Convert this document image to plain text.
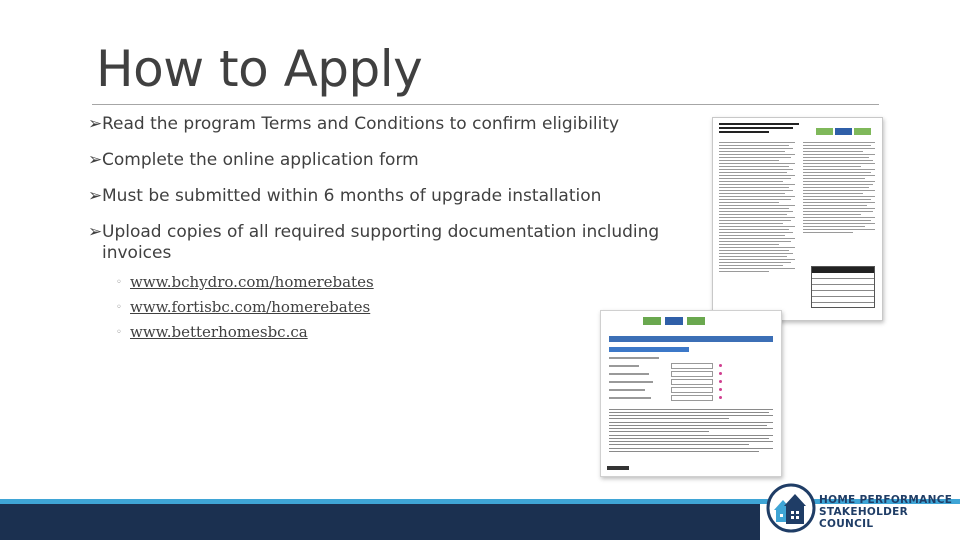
How to Apply
➢ Read the program Terms and Conditions to confirm eligibility
➢ Complete the online application form
➢ Must be submitted within 6 months of upgrade installation
➢ Upload copies of all required supporting documentation including invoices
◦ www.bchydro.com/homerebates
◦ www.fortisbc.com/homerebates
◦ www.betterhomesbc.ca
HOME PERFORMANCE
STAKEHOLDER COUNCIL
